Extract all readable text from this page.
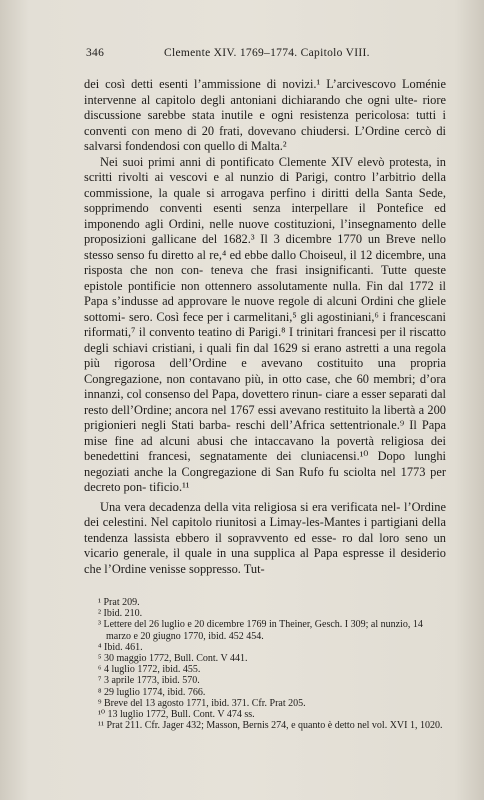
346	Clemente XIV. 1769–1774. Capitolo VIII.

dei così detti esenti l’ammissione di novizi.¹ L’arcivescovo Loménie intervenne al capitolo degli antoniani dichiarando che ogni ulte- riore discussione sarebbe stata inutile e ogni resistenza pericolosa: tutti i conventi con meno di 20 frati, dovevano chiudersi. L’Ordine cercò di salvarsi fondendosi con quello di Malta.²

Nei suoi primi anni di pontificato Clemente XIV elevò protesta, in scritti rivolti ai vescovi e al nunzio di Parigi, contro l’arbitrio della commissione, la quale si arrogava perfino i diritti della Santa Sede, sopprimendo conventi esenti senza interpellare il Pontefice ed imponendo agli Ordini, nelle nuove costituzioni, l’insegnamento delle proposizioni gallicane del 1682.³ Il 3 dicembre 1770 un Breve nello stesso senso fu diretto al re,⁴ ed ebbe dallo Choiseul, il 12 dicembre, una risposta che non con- teneva che frasi insignificanti. Tutte queste epistole pontificie non ottennero assolutamente nulla. Fin dal 1772 il Papa s’indusse ad approvare le nuove regole di alcuni Ordini che gliele sottomi- sero. Così fece per i carmelitani,⁵ gli agostiniani,⁶ i francescani riformati,⁷ il convento teatino di Parigi.⁸ I trinitari francesi per il riscatto degli schiavi cristiani, i quali fin dal 1629 si erano astretti a una regola più rigorosa dell’Ordine e avevano costituito una propria Congregazione, non contavano più, in otto case, che 60 membri; d’ora innanzi, col consenso del Papa, dovettero rinun- ciare a esser separati dal resto dell’Ordine; ancora nel 1767 essi avevano restituito la libertà a 200 prigionieri negli Stati barba- reschi dell’Africa settentrionale.⁹ Il Papa mise fine ad alcuni abusi che intaccavano la povertà religiosa dei benedettini francesi, segnatamente dei cluniacensi.¹⁰ Dopo lunghi negoziati anche la Congregazione di San Rufo fu sciolta nel 1773 per decreto pon- tificio.¹¹

Una vera decadenza della vita religiosa si era verificata nel- l’Ordine dei celestini. Nel capitolo riunitosi a Limay-les-Mantes i partigiani della tendenza lassista ebbero il sopravvento ed esse- ro dal loro seno un vicario generale, il quale in una supplica al Papa espresse il desiderio che l’Ordine venisse soppresso. Tut-

¹ Prat 209.

² Ibid. 210.

³ Lettere del 26 luglio e 20 dicembre 1769 in Theiner, Gesch. I 309; al nunzio, 14 marzo e 20 giugno 1770, ibid. 452 454.

⁴ Ibid. 461.

⁵ 30 maggio 1772, Bull. Cont. V 441.

⁶ 4 luglio 1772, ibid. 455.

⁷ 3 aprile 1773, ibid. 570.

⁸ 29 luglio 1774, ibid. 766.

⁹ Breve del 13 agosto 1771, ibid. 371. Cfr. Prat 205.

¹⁰ 13 luglio 1772, Bull. Cont. V 474 ss.

¹¹ Prat 211. Cfr. Jager 432; Masson, Bernis 274, e quanto è detto nel vol. XVI 1, 1020.
